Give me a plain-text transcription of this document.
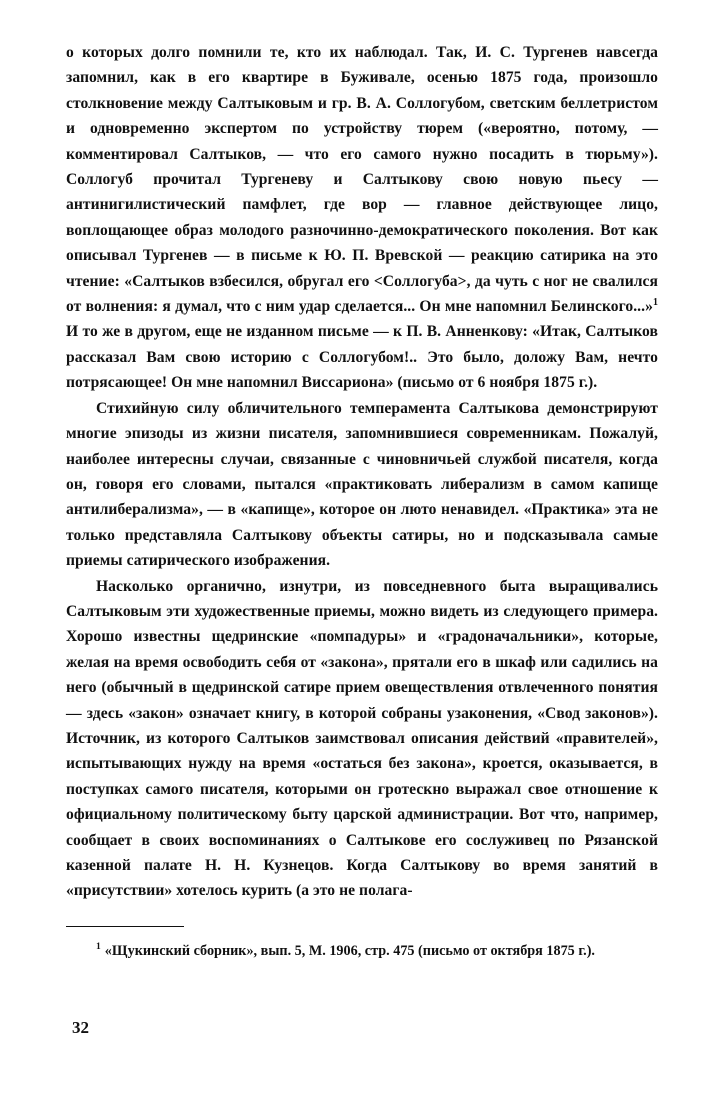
о которых долго помнили те, кто их наблюдал. Так, И. С. Тургенев навсегда запомнил, как в его квартире в Буживале, осенью 1875 года, произошло столкновение между Салтыковым и гр. В. А. Соллогубом, светским беллетристом и одновременно экспертом по устройству тюрем («вероятно, потому, — комментировал Салтыков, — что его самого нужно посадить в тюрьму»). Соллогуб прочитал Тургеневу и Салтыкову свою новую пьесу — антинигилистический памфлет, где вор — главное действующее лицо, воплощающее образ молодого разночинно-демократического поколения. Вот как описывал Тургенев — в письме к Ю. П. Вревской — реакцию сатирика на это чтение: «Салтыков взбесился, обругал его <Соллогуба>, да чуть с ног не свалился от волнения: я думал, что с ним удар сделается... Он мне напомнил Белинского...»$^1$ И то же в другом, еще не изданном письме — к П. В. Анненкову: «Итак, Салтыков рассказал Вам свою историю с Соллогубом!.. Это было, доложу Вам, нечто потрясающее! Он мне напомнил Виссариона» (письмо от 6 ноября 1875 г.).

Стихийную силу обличительного темперамента Салтыкова демонстрируют многие эпизоды из жизни писателя, запомнившиеся современникам. Пожалуй, наиболее интересны случаи, связанные с чиновничьей службой писателя, когда он, говоря его словами, пытался «практиковать либерализм в самом капище антилиберализма», — в «капище», которое он люто ненавидел. «Практика» эта не только представляла Салтыкову объекты сатиры, но и подсказывала самые приемы сатирического изображения.

Насколько органично, изнутри, из повседневного быта выращивались Салтыковым эти художественные приемы, можно видеть из следующего примера. Хорошо известны щедринские «помпадуры» и «градоначальники», которые, желая на время освободить себя от «закона», прятали его в шкаф или садились на него (обычный в щедринской сатире прием овеществления отвлеченного понятия — здесь «закон» означает книгу, в которой собраны узаконения, «Свод законов»). Источник, из которого Салтыков заимствовал описания действий «правителей», испытывающих нужду на время «остаться без закона», кроется, оказывается, в поступках самого писателя, которыми он гротескно выражал свое отношение к официальному политическому быту царской администрации. Вот что, например, сообщает в своих воспоминаниях о Салтыкове его сослуживец по Рязанской казенной палате Н. Н. Кузнецов. Когда Салтыкову во время занятий в «присутствии» хотелось курить (а это не полага-

$^1$ «Щукинский сборник», вып. 5, М. 1906, стр. 475 (письмо от октября 1875 г.).

32
